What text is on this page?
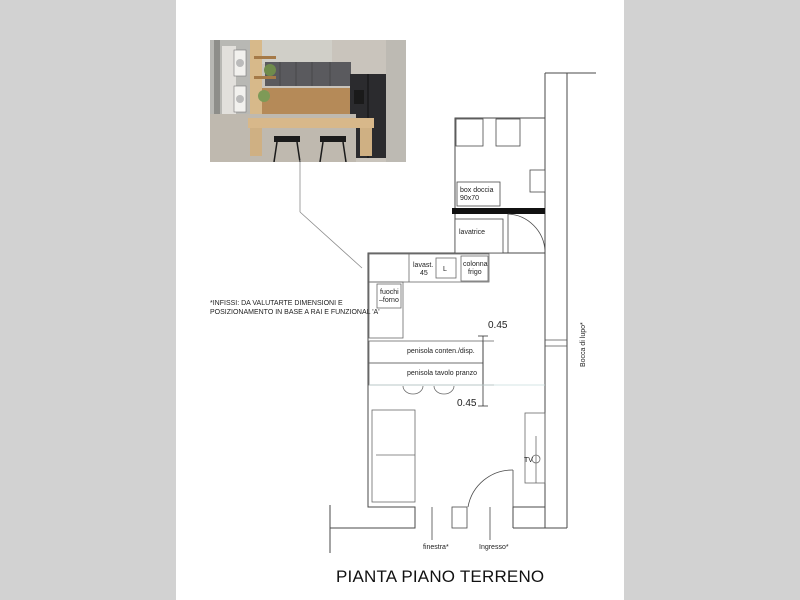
*INFISSI: DA VALUTARTE DIMENSIONI E
POSIZIONAMENTO IN BASE A RAI E FUNZIONAL 'A'
box doccia
90x70
lavatrice
lavast.
45
L
colonna
frigo
fuochi
–forno
0.45
0.45
penisola conten./disp.
penisola tavolo pranzo
TV
Bocca di lupo*
finestra*	Ingresso*
PIANTA PIANO TERRENO
